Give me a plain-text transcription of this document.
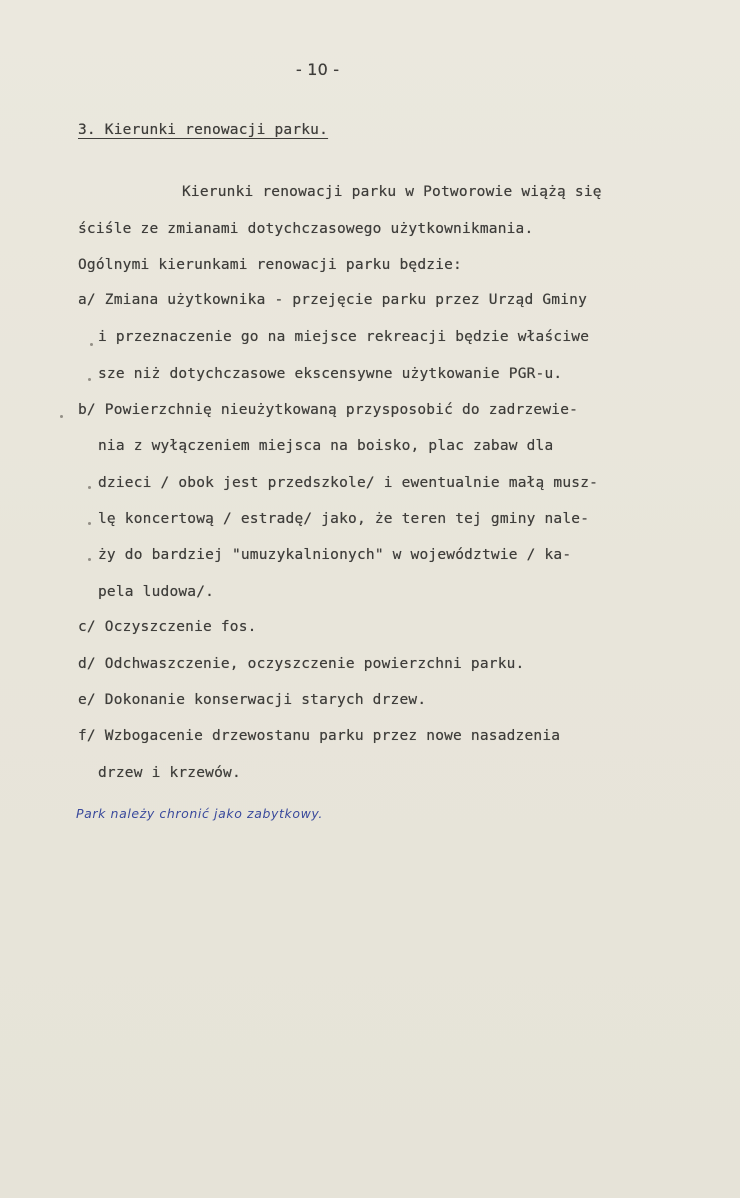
- 10 -
3. Kierunki renowacji parku.
Kierunki renowacji parku w Potworowie wiążą się
ściśle ze zmianami dotychczasowego użytkownikmania.
Ogólnymi kierunkami renowacji parku będzie:
a/ Zmiana użytkownika - przejęcie parku przez Urząd Gminy
i przeznaczenie go na miejsce rekreacji będzie właściwe
sze niż dotychczasowe ekscensywne użytkowanie PGR-u.
b/ Powierzchnię nieużytkowaną przysposobić do zadrzewie-
nia z wyłączeniem miejsca na boisko, plac zabaw dla
dzieci / obok jest przedszkole/ i ewentualnie małą musz-
lę koncertową / estradę/ jako, że teren tej gminy nale-
ży do bardziej "umuzykalnionych" w województwie / ka-
pela ludowa/.
c/ Oczyszczenie fos.
d/ Odchwaszczenie, oczyszczenie powierzchni parku.
e/ Dokonanie konserwacji starych drzew.
f/ Wzbogacenie drzewostanu parku przez nowe nasadzenia
drzew i krzewów.
Park należy chronić jako zabytkowy.
